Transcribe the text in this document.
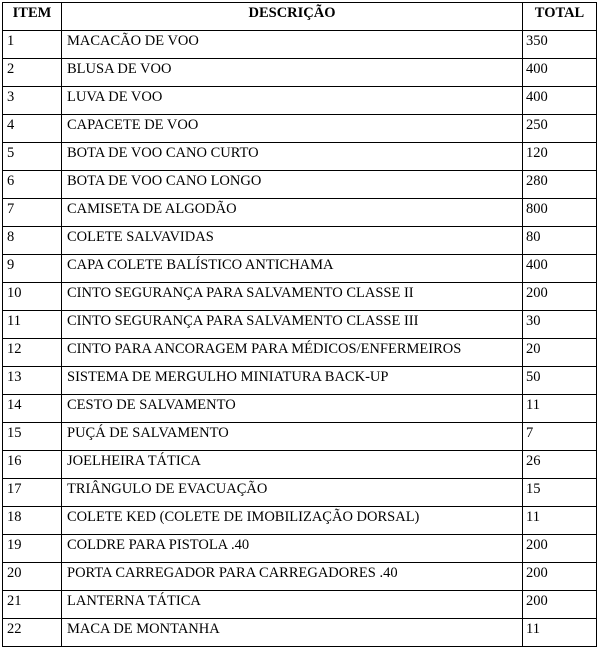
ITEM	DESCRIÇÃO	TOTAL
1	MACACÃO DE VOO	350
2	BLUSA DE VOO	400
3	LUVA DE VOO	400
4	CAPACETE DE VOO	250
5	BOTA DE VOO CANO CURTO	120
6	BOTA DE VOO CANO LONGO	280
7	CAMISETA DE ALGODÃO	800
8	COLETE SALVAVIDAS	80
9	CAPA COLETE BALÍSTICO ANTICHAMA	400
10	CINTO SEGURANÇA PARA SALVAMENTO CLASSE II	200
11	CINTO SEGURANÇA PARA SALVAMENTO CLASSE III	30
12	CINTO PARA ANCORAGEM PARA MÉDICOS/ENFERMEIROS	20
13	SISTEMA DE MERGULHO MINIATURA BACK-UP	50
14	CESTO DE SALVAMENTO	11
15	PUÇÁ DE SALVAMENTO	7
16	JOELHEIRA TÁTICA	26
17	TRIÂNGULO DE EVACUAÇÃO	15
18	COLETE KED (COLETE DE IMOBILIZAÇÃO DORSAL)	11
19	COLDRE PARA PISTOLA .40	200
20	PORTA CARREGADOR PARA CARREGADORES .40	200
21	LANTERNA TÁTICA	200
22	MACA DE MONTANHA	11
